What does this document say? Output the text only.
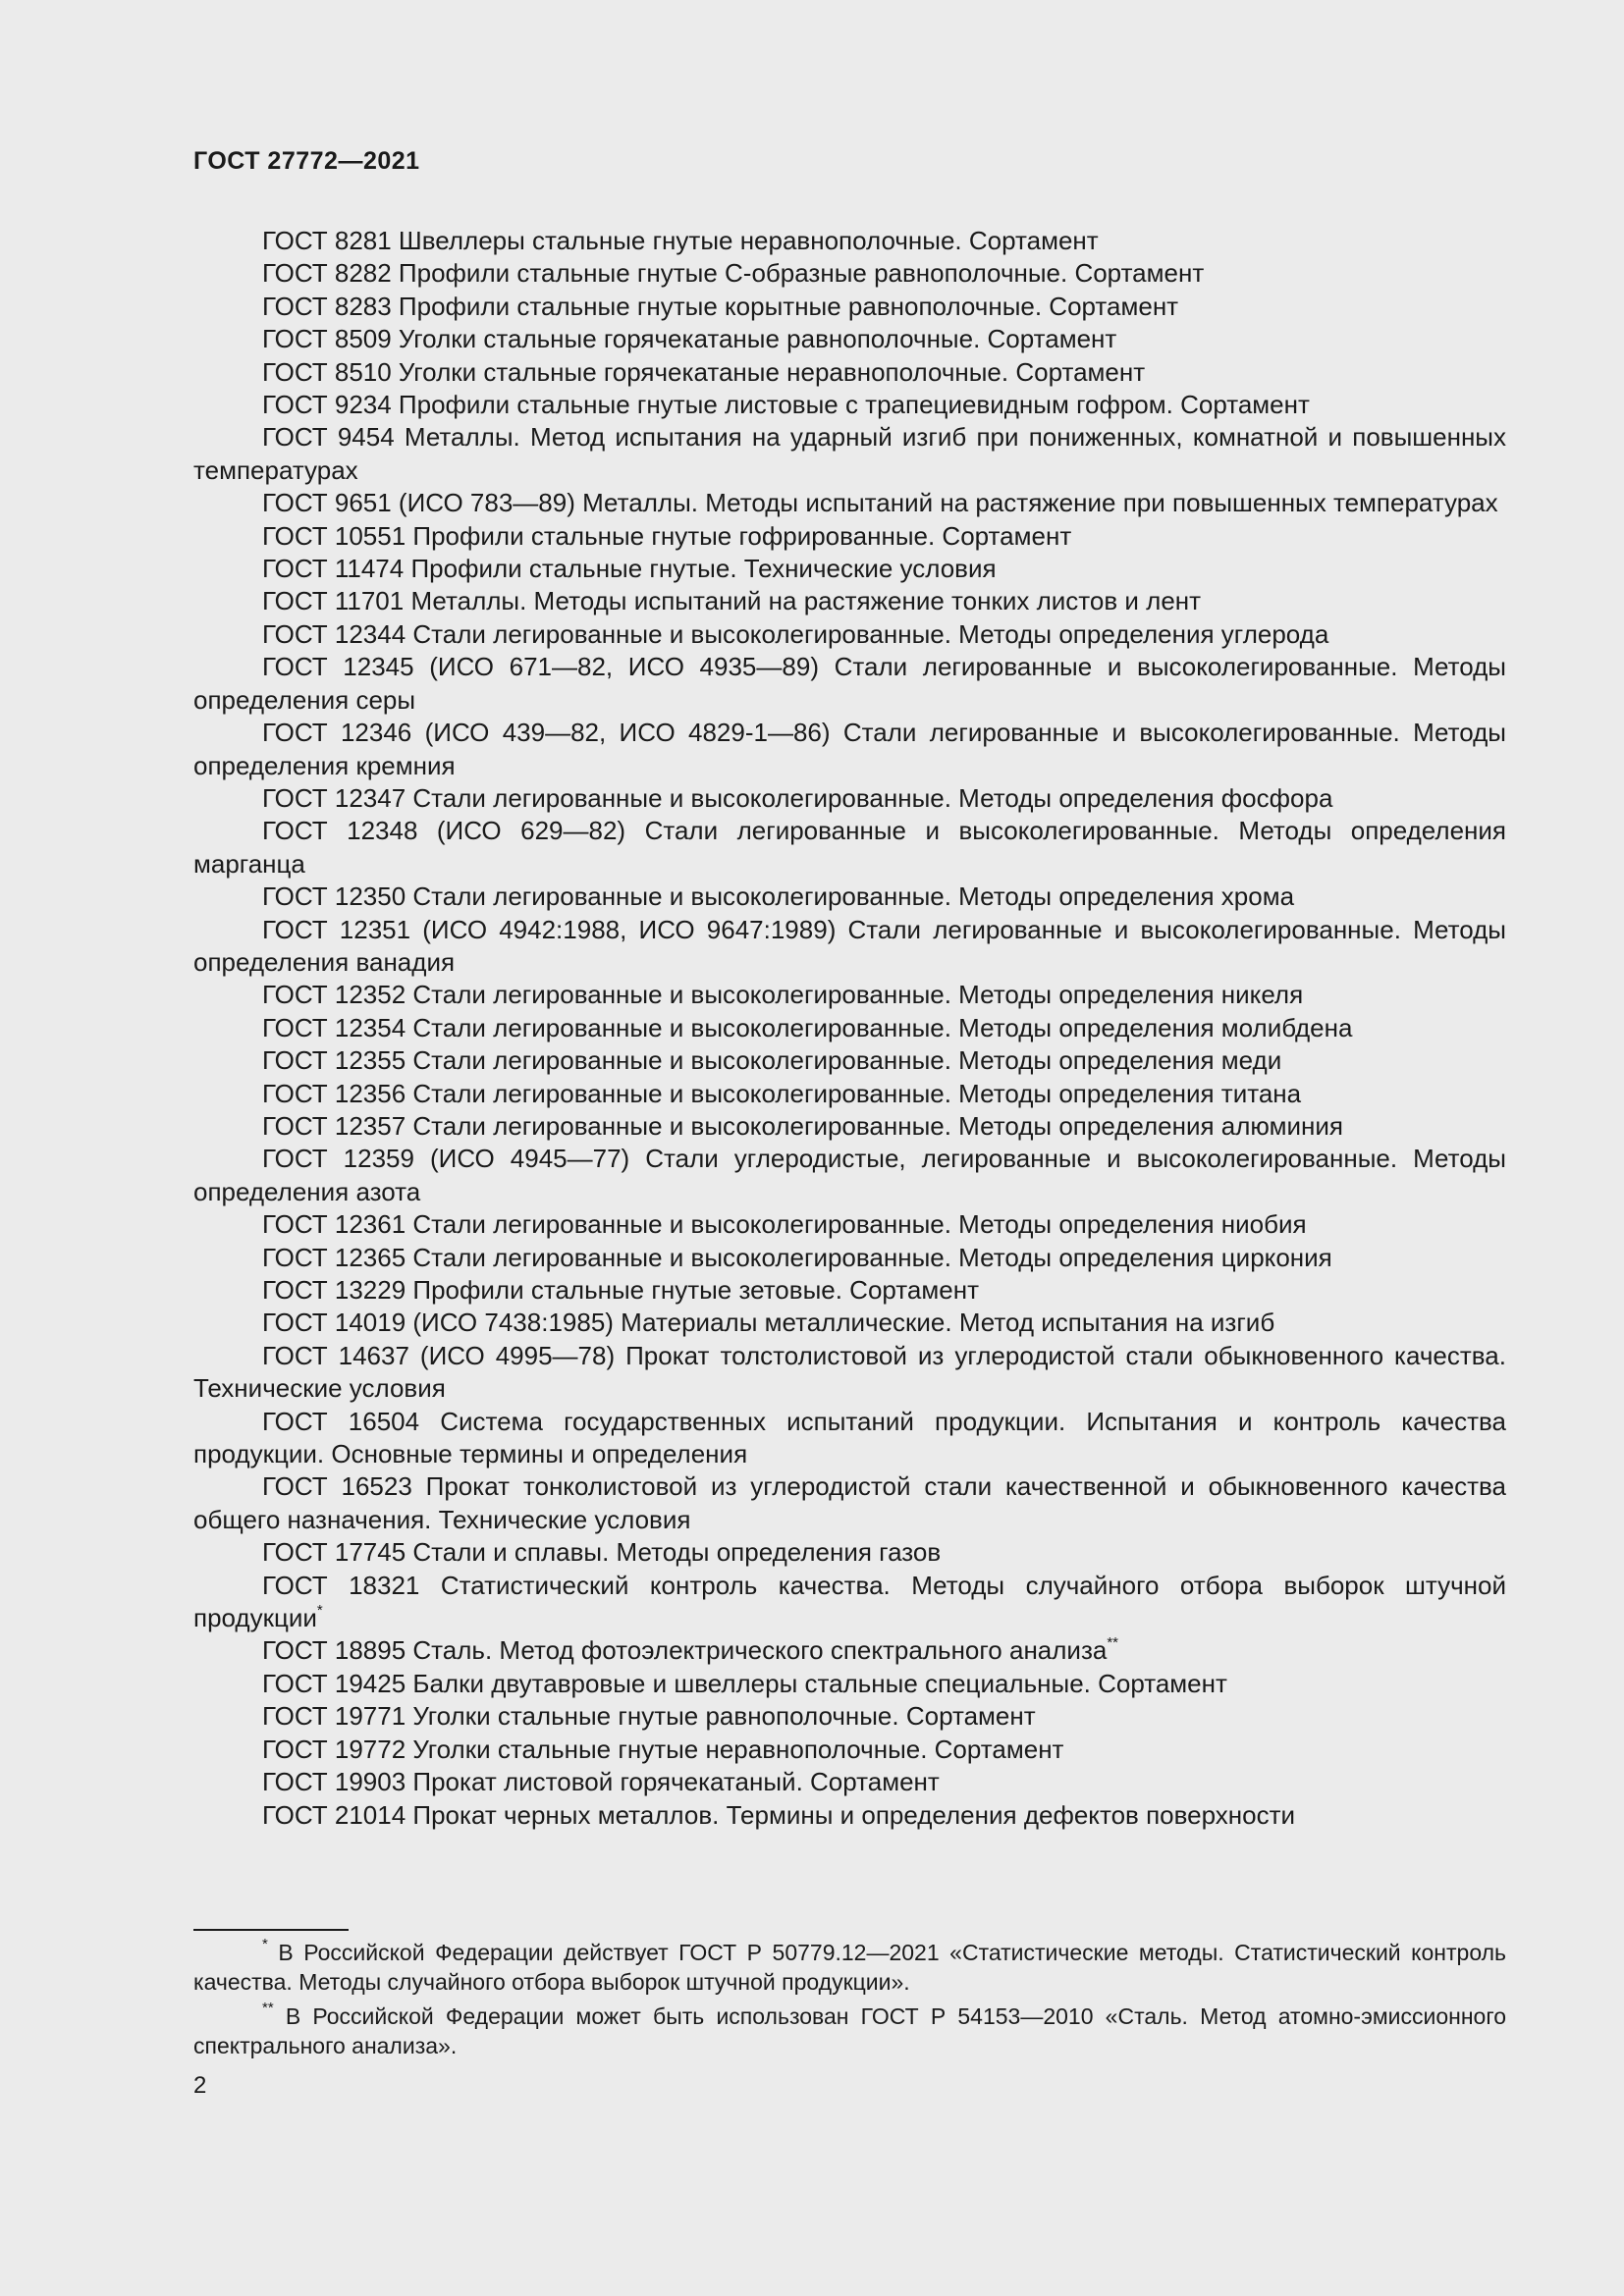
ГОСТ 27772—2021

ГОСТ 8281 Швеллеры стальные гнутые неравнополочные. Сортамент

ГОСТ 8282 Профили стальные гнутые С-образные равнополочные. Сортамент

ГОСТ 8283 Профили стальные гнутые корытные равнополочные. Сортамент

ГОСТ 8509 Уголки стальные горячекатаные равнополочные. Сортамент

ГОСТ 8510 Уголки стальные горячекатаные неравнополочные. Сортамент

ГОСТ 9234 Профили стальные гнутые листовые с трапециевидным гофром. Сортамент

ГОСТ 9454 Металлы. Метод испытания на ударный изгиб при пониженных, комнатной и повышенных температурах

ГОСТ 9651 (ИСО 783—89) Металлы. Методы испытаний на растяжение при повышенных температурах

ГОСТ 10551 Профили стальные гнутые гофрированные. Сортамент

ГОСТ 11474 Профили стальные гнутые. Технические условия

ГОСТ 11701 Металлы. Методы испытаний на растяжение тонких листов и лент

ГОСТ 12344 Стали легированные и высоколегированные. Методы определения углерода

ГОСТ 12345 (ИСО 671—82, ИСО 4935—89) Стали легированные и высоколегированные. Методы определения серы

ГОСТ 12346 (ИСО 439—82, ИСО 4829-1—86) Стали легированные и высоколегированные. Методы определения кремния

ГОСТ 12347 Стали легированные и высоколегированные. Методы определения фосфора

ГОСТ 12348 (ИСО 629—82) Стали легированные и высоколегированные. Методы определения марганца

ГОСТ 12350 Стали легированные и высоколегированные. Методы определения хрома

ГОСТ 12351 (ИСО 4942:1988, ИСО 9647:1989) Стали легированные и высоколегированные. Методы определения ванадия

ГОСТ 12352 Стали легированные и высоколегированные. Методы определения никеля

ГОСТ 12354 Стали легированные и высоколегированные. Методы определения молибдена

ГОСТ 12355 Стали легированные и высоколегированные. Методы определения меди

ГОСТ 12356 Стали легированные и высоколегированные. Методы определения титана

ГОСТ 12357 Стали легированные и высоколегированные. Методы определения алюминия

ГОСТ 12359 (ИСО 4945—77) Стали углеродистые, легированные и высоколегированные. Методы определения азота

ГОСТ 12361 Стали легированные и высоколегированные. Методы определения ниобия

ГОСТ 12365 Стали легированные и высоколегированные. Методы определения циркония

ГОСТ 13229 Профили стальные гнутые зетовые. Сортамент

ГОСТ 14019 (ИСО 7438:1985) Материалы металлические. Метод испытания на изгиб

ГОСТ 14637 (ИСО 4995—78) Прокат толстолистовой из углеродистой стали обыкновенного качества. Технические условия

ГОСТ 16504 Система государственных испытаний продукции. Испытания и контроль качества продукции. Основные термины и определения

ГОСТ 16523 Прокат тонколистовой из углеродистой стали качественной и обыкновенного качества общего назначения. Технические условия

ГОСТ 17745 Стали и сплавы. Методы определения газов

ГОСТ 18321 Статистический контроль качества. Методы случайного отбора выборок штучной продукции*

ГОСТ 18895 Сталь. Метод фотоэлектрического спектрального анализа**

ГОСТ 19425 Балки двутавровые и швеллеры стальные специальные. Сортамент

ГОСТ 19771 Уголки стальные гнутые равнополочные. Сортамент

ГОСТ 19772 Уголки стальные гнутые неравнополочные. Сортамент

ГОСТ 19903 Прокат листовой горячекатаный. Сортамент

ГОСТ 21014 Прокат черных металлов. Термины и определения дефектов поверхности

* В Российской Федерации действует ГОСТ Р 50779.12—2021 «Статистические методы. Статистический контроль качества. Методы случайного отбора выборок штучной продукции».

** В Российской Федерации может быть использован ГОСТ Р 54153—2010 «Сталь. Метод атомно-эмиссионного спектрального анализа».

2
